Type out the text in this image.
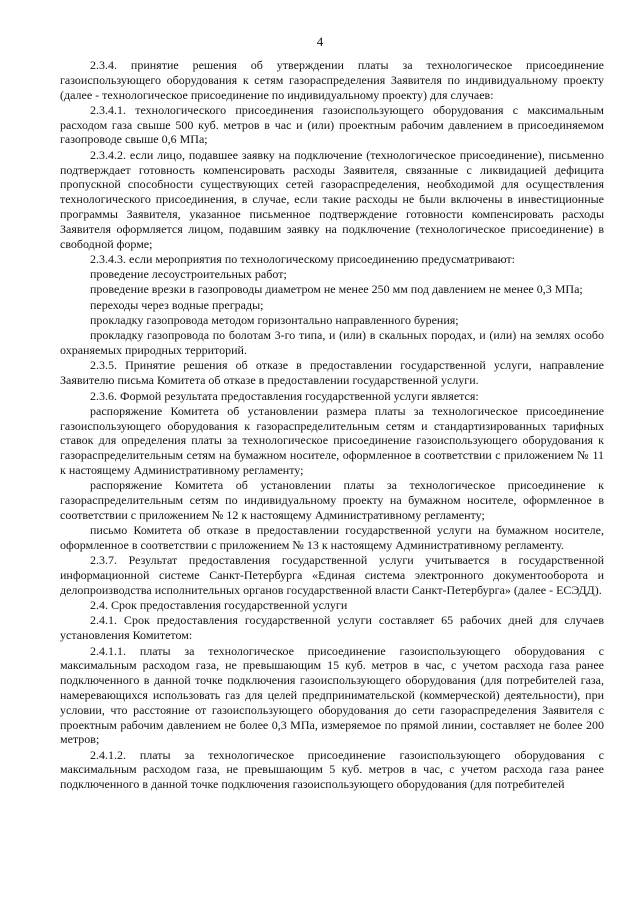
4

2.3.4. принятие решения об утверждении платы за технологическое присоединение газоиспользующего оборудования к сетям газораспределения Заявителя по индивидуальному проекту (далее - технологическое присоединение по индивидуальному проекту) для случаев:

2.3.4.1. технологического присоединения газоиспользующего оборудования с максимальным расходом газа свыше 500 куб. метров в час и (или) проектным рабочим давлением в присоединяемом газопроводе свыше 0,6 МПа;

2.3.4.2. если лицо, подавшее заявку на подключение (технологическое присоединение), письменно подтверждает готовность компенсировать расходы Заявителя, связанные с ликвидацией дефицита пропускной способности существующих сетей газораспределения, необходимой для осуществления технологического присоединения, в случае, если такие расходы не были включены в инвестиционные программы Заявителя, указанное письменное подтверждение готовности компенсировать расходы Заявителя оформляется лицом, подавшим заявку на подключение (технологическое присоединение) в свободной форме;

2.3.4.3. если мероприятия по технологическому присоединению предусматривают:

проведение лесоустроительных работ;

проведение врезки в газопроводы диаметром не менее 250 мм под давлением не менее 0,3 МПа;

переходы через водные преграды;

прокладку газопровода методом горизонтально направленного бурения;

прокладку газопровода по болотам 3-го типа, и (или) в скальных породах, и (или) на землях особо охраняемых природных территорий.

2.3.5. Принятие решения об отказе в предоставлении государственной услуги, направление Заявителю письма Комитета об отказе в предоставлении государственной услуги.

2.3.6. Формой результата предоставления государственной услуги является:

распоряжение Комитета об установлении размера платы за технологическое присоединение газоиспользующего оборудования к газораспределительным сетям и стандартизированных тарифных ставок для определения платы за технологическое присоединение газоиспользующего оборудования к газораспределительным сетям на бумажном носителе, оформленное в соответствии с приложением № 11 к настоящему Административному регламенту;

распоряжение Комитета об установлении платы за технологическое присоединение к газораспределительным сетям по индивидуальному проекту на бумажном носителе, оформленное в соответствии с приложением № 12 к настоящему Административному регламенту;

письмо Комитета об отказе в предоставлении государственной услуги на бумажном носителе, оформленное в соответствии с приложением № 13 к настоящему Административному регламенту.

2.3.7. Результат предоставления государственной услуги учитывается в государственной информационной системе Санкт-Петербурга «Единая система электронного документооборота и делопроизводства исполнительных органов государственной власти Санкт-Петербурга» (далее - ЕСЭДД).

2.4. Срок предоставления государственной услуги

2.4.1. Срок предоставления государственной услуги составляет 65 рабочих дней для случаев установления Комитетом:

2.4.1.1. платы за технологическое присоединение газоиспользующего оборудования с максимальным расходом газа, не превышающим 15 куб. метров в час, с учетом расхода газа ранее подключенного в данной точке подключения газоиспользующего оборудования (для потребителей газа, намеревающихся использовать газ для целей предпринимательской (коммерческой) деятельности), при условии, что расстояние от газоиспользующего оборудования до сети газораспределения Заявителя с проектным рабочим давлением не более 0,3 МПа, измеряемое по прямой линии, составляет не более 200 метров;

2.4.1.2. платы за технологическое присоединение газоиспользующего оборудования с максимальным расходом газа, не превышающим 5 куб. метров в час, с учетом расхода газа ранее подключенного в данной точке подключения газоиспользующего оборудования (для потребителей
